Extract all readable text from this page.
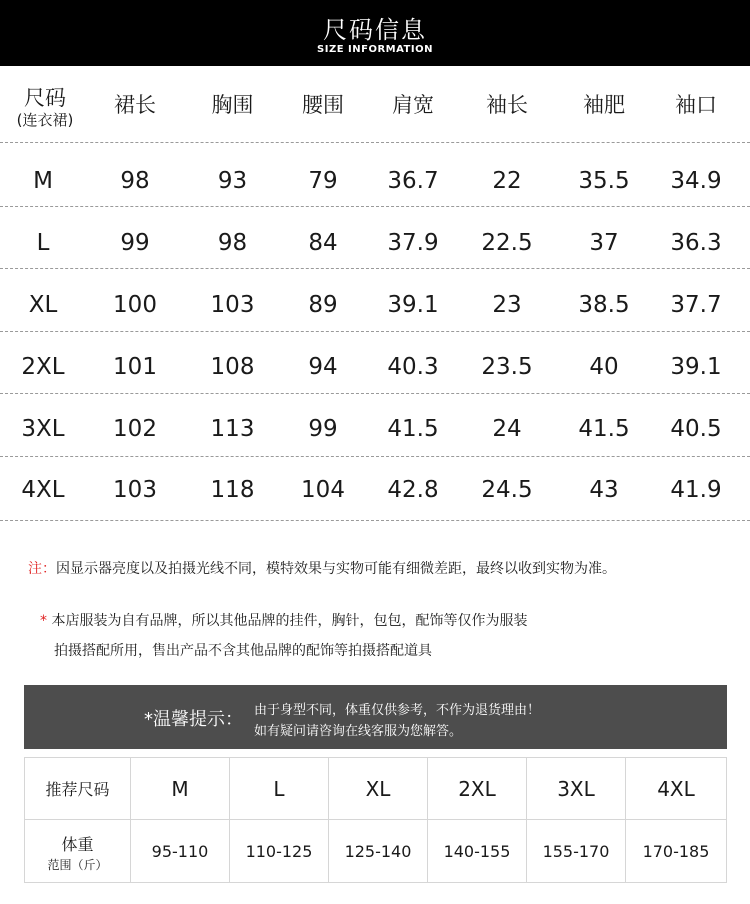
尺码信息
SIZE INFORMATION
尺码
(连衣裙)
裙长	胸围	腰围	肩宽	袖长	袖肥	袖口
M	98	93	79	36.7	22	35.5	34.9
L	99	98	84	37.9	22.5	37	36.3
XL	100	103	89	39.1	23	38.5	37.7
2XL	101	108	94	40.3	23.5	40	39.1
3XL	102	113	99	41.5	24	41.5	40.5
4XL	103	118	104	42.8	24.5	43	41.9
注：因显示器亮度以及拍摄光线不同，模特效果与实物可能有细微差距，最终以收到实物为准。
* 本店服装为自有品牌，所以其他品牌的挂件，胸针，包包，配饰等仅作为服装
拍摄搭配所用，售出产品不含其他品牌的配饰等拍摄搭配道具
*温馨提示： 由于身型不同，体重仅供参考，不作为退货理由！
如有疑问请咨询在线客服为您解答。
推荐尺码	M	L	XL	2XL	3XL	4XL
体重
范围（斤）
95-110	110-125	125-140	140-155	155-170	170-185
